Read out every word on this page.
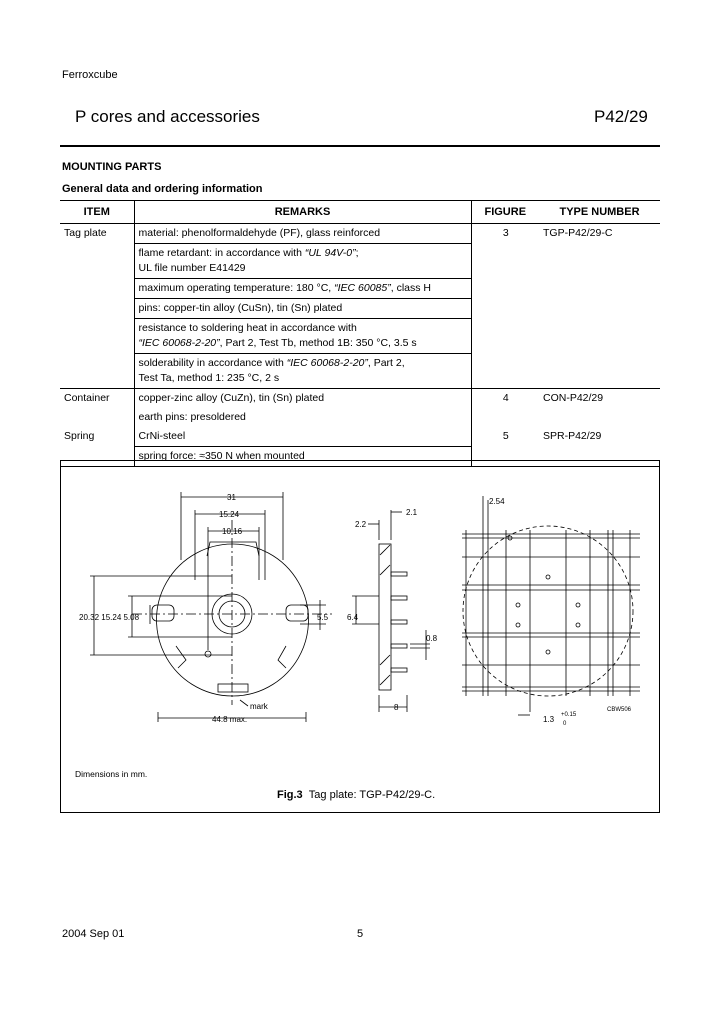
Ferroxcube
P cores and accessories	P42/29
MOUNTING PARTS
General data and ordering information
ITEM	REMARKS	FIGURE	TYPE NUMBER
Tag plate	material: phenolformaldehyde (PF), glass reinforced	3	TGP-P42/29-C
	flame retardant: in accordance with “UL 94V-0”;
UL file number E41429		
	maximum operating temperature: 180 °C, “IEC 60085”, class H		
	pins: copper-tin alloy (CuSn), tin (Sn) plated		
	resistance to soldering heat in accordance with
“IEC 60068-2-20”, Part 2, Test Tb, method 1B: 350 °C, 3.5 s		
	solderability in accordance with “IEC 60068-2-20”, Part 2,
Test Ta, method 1: 235 °C, 2 s		
Container	copper-zinc alloy (CuZn), tin (Sn) plated	4	CON-P42/29
	earth pins: presoldered		
Spring	CrNi-steel	5	SPR-P42/29
	spring force: ≈350 N when mounted		
31
15.24
10.16
20.32 15.24 5.08	5.5 6.4
mark
44.8 max.
2.2
2.1
0.8
8
2.54
1.3 +0.15
0
CBW506
Dimensions in mm.
Fig.3 Tag plate: TGP-P42/29-C.
2004 Sep 01	5
